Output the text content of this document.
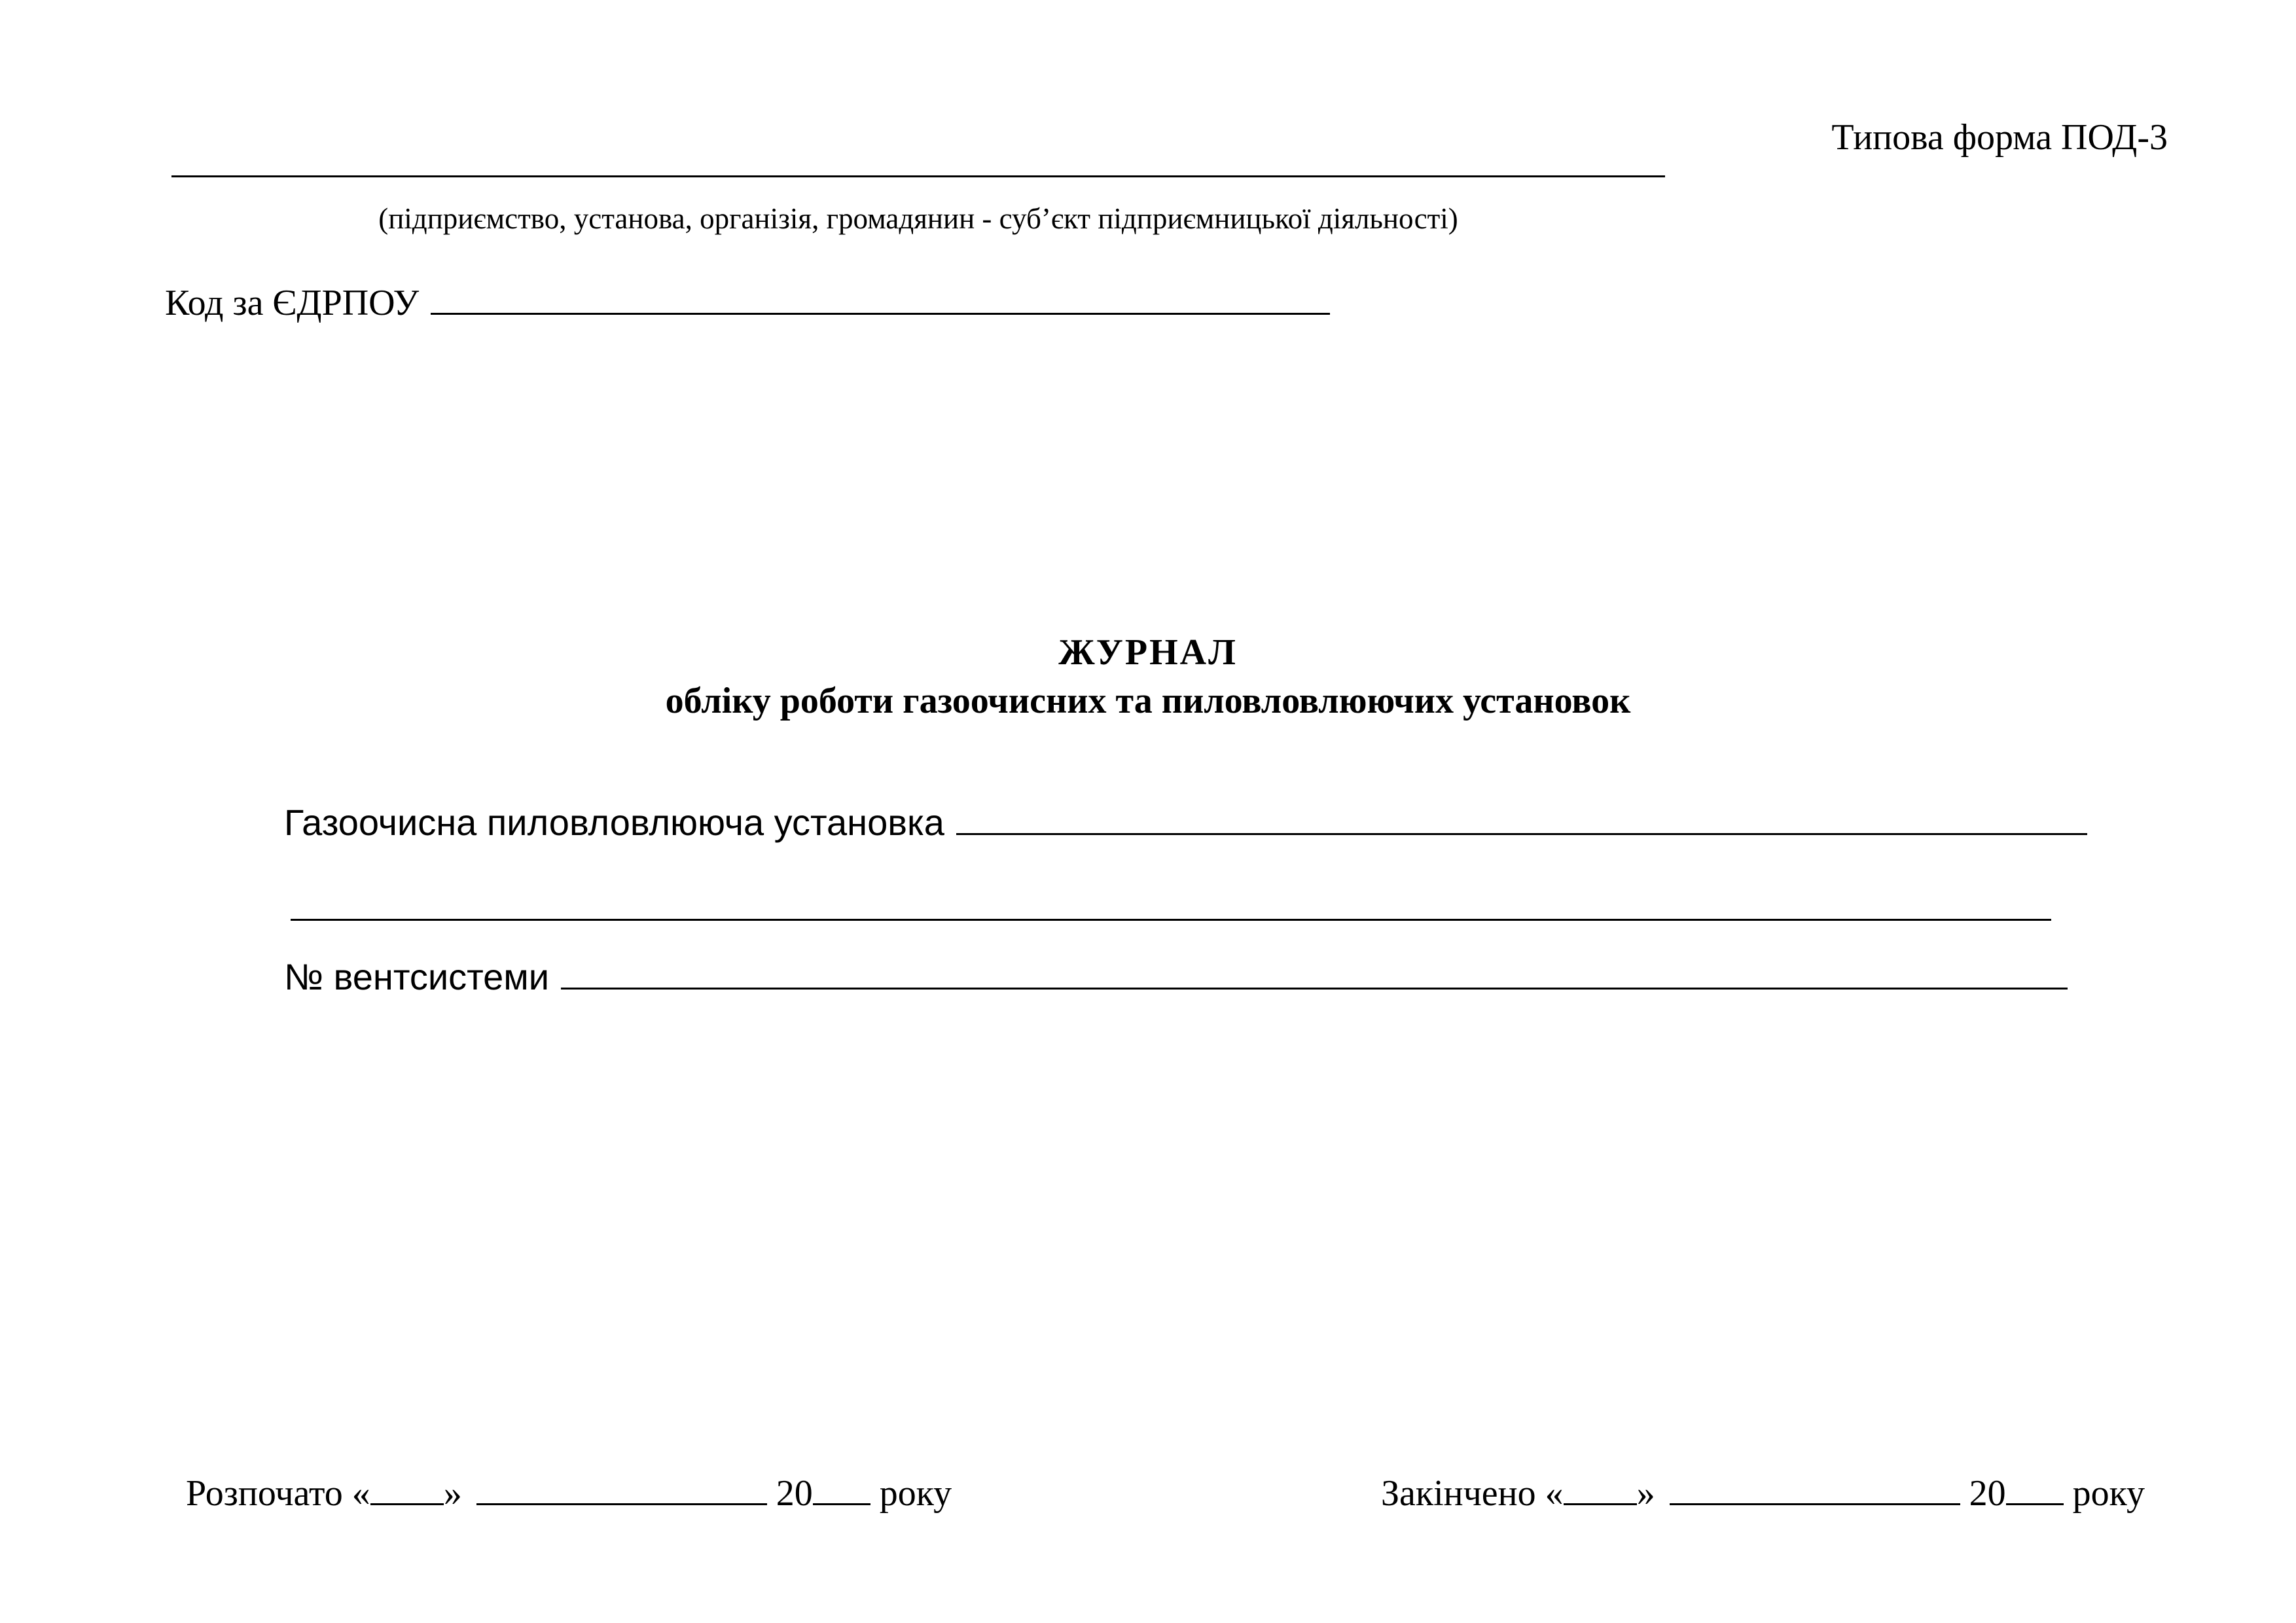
Типова форма ПОД-3
(підприємство, установа, організія, громадянин - суб’єкт підприємницької діяльності)
Код за ЄДРПОУ
ЖУРНАЛ
обліку роботи газоочисних та пиловловлюючих установок
Газоочисна пиловловлююча установка
№ вентсистеми
Розпочато « »	20 року	Закінчено « »	20 року
